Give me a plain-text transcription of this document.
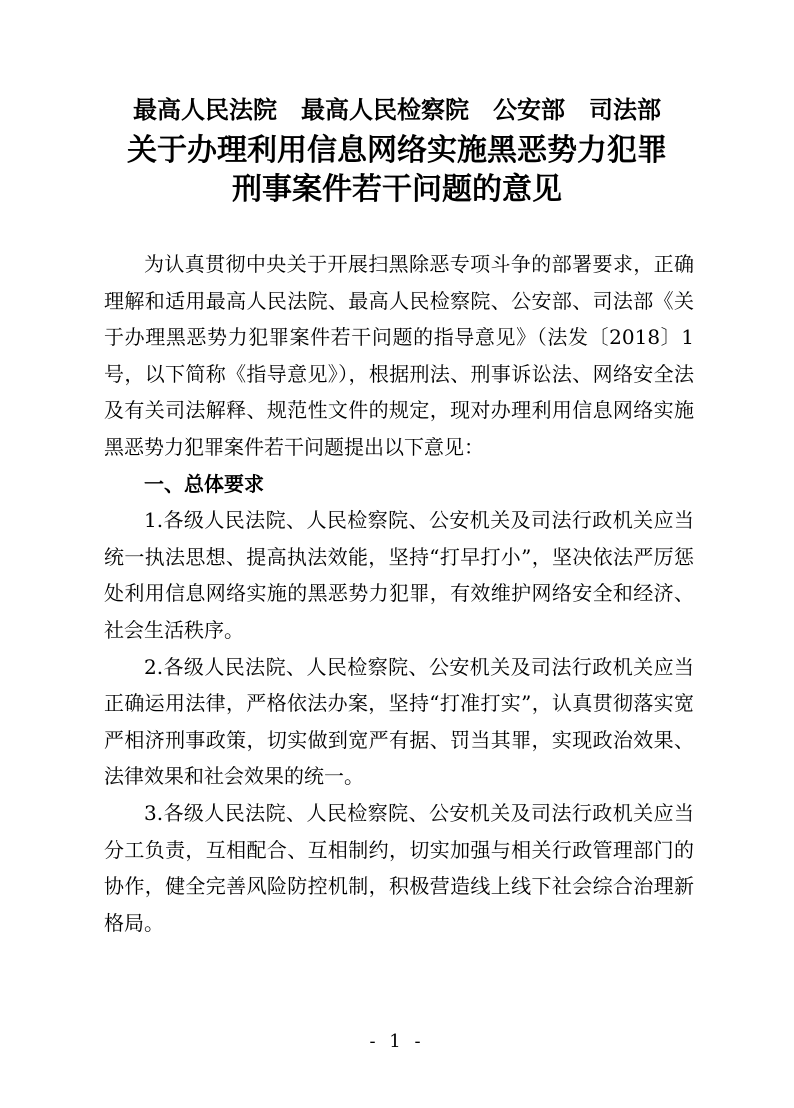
最高人民法院　最高人民检察院　公安部　司法部
关于办理利用信息网络实施黑恶势力犯罪
刑事案件若干问题的意见

为认真贯彻中央关于开展扫黑除恶专项斗争的部署要求，正确理解和适用最高人民法院、最高人民检察院、公安部、司法部《关于办理黑恶势力犯罪案件若干问题的指导意见》（法发〔2018〕1号，以下简称《指导意见》），根据刑法、刑事诉讼法、网络安全法及有关司法解释、规范性文件的规定，现对办理利用信息网络实施黑恶势力犯罪案件若干问题提出以下意见：

一、总体要求

1.各级人民法院、人民检察院、公安机关及司法行政机关应当统一执法思想、提高执法效能，坚持“打早打小”，坚决依法严厉惩处利用信息网络实施的黑恶势力犯罪，有效维护网络安全和经济、社会生活秩序。

2.各级人民法院、人民检察院、公安机关及司法行政机关应当正确运用法律，严格依法办案，坚持“打准打实”，认真贯彻落实宽严相济刑事政策，切实做到宽严有据、罚当其罪，实现政治效果、法律效果和社会效果的统一。

3.各级人民法院、人民检察院、公安机关及司法行政机关应当分工负责，互相配合、互相制约，切实加强与相关行政管理部门的协作，健全完善风险防控机制，积极营造线上线下社会综合治理新格局。

- 1 -
